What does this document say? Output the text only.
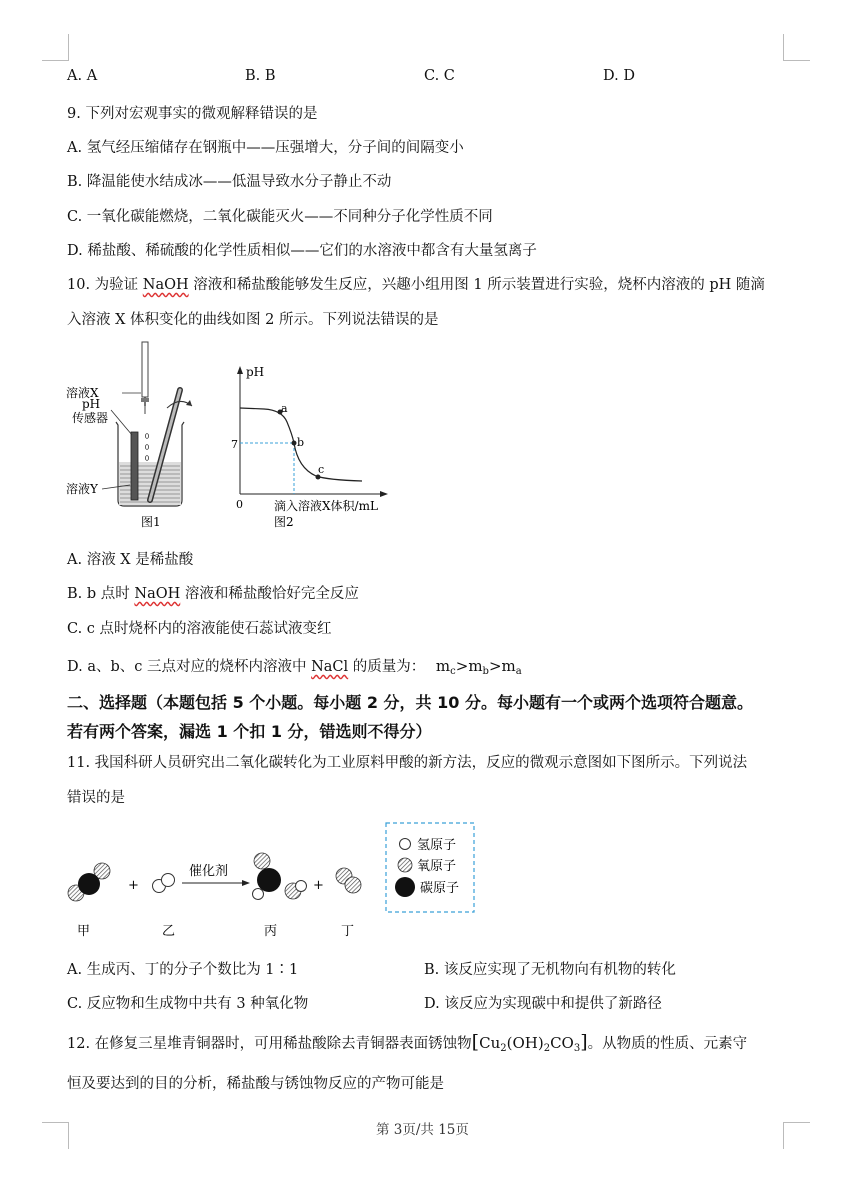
A. A	B. B	C. C	D. D
9. 下列对宏观事实的微观解释错误的是
A. 氢气经压缩储存在钢瓶中——压强增大，分子间的间隔变小
B. 降温能使水结成冰——低温导致水分子静止不动
C. 一氧化碳能燃烧，二氧化碳能灭火——不同种分子化学性质不同
D. 稀盐酸、稀硫酸的化学性质相似——它们的水溶液中都含有大量氢离子
10. 为验证 NaOH 溶液和稀盐酸能够发生反应，兴趣小组用图 1 所示装置进行实验，烧杯内溶液的 pH 随滴
入溶液 X 体积变化的曲线如图 2 所示。下列说法错误的是
溶液X
pH
传感器
溶液Y
图1
pH
7
0
a
b
c
滴入溶液X体积/mL
图2
A. 溶液 X 是稀盐酸
B. b 点时 NaOH 溶液和稀盐酸恰好完全反应
C. c 点时烧杯内的溶液能使石蕊试液变红
D. a、b、c 三点对应的烧杯内溶液中 NaCl 的质量为： $m_c>m_b>m_a$
二、选择题（本题包括 5 个小题。每小题 2 分，共 10 分。每小题有一个或两个选项符合题意。
若有两个答案，漏选 1 个扣 1 分，错选则不得分）
11. 我国科研人员研究出二氧化碳转化为工业原料甲酸的新方法，反应的微观示意图如下图所示。下列说法
错误的是
+
催化剂
+
甲	乙	丙	丁
氢原子
氧原子
碳原子
A. 生成丙、丁的分子个数比为 1∶1	B. 该反应实现了无机物向有机物的转化
C. 反应物和生成物中共有 3 种氧化物	D. 该反应为实现碳中和提供了新路径
12. 在修复三星堆青铜器时，可用稀盐酸除去青铜器表面锈蚀物$[Cu_2(OH)_2CO_3]$。从物质的性质、元素守
恒及要达到的目的分析，稀盐酸与锈蚀物反应的产物可能是
第 3页/共 15页
